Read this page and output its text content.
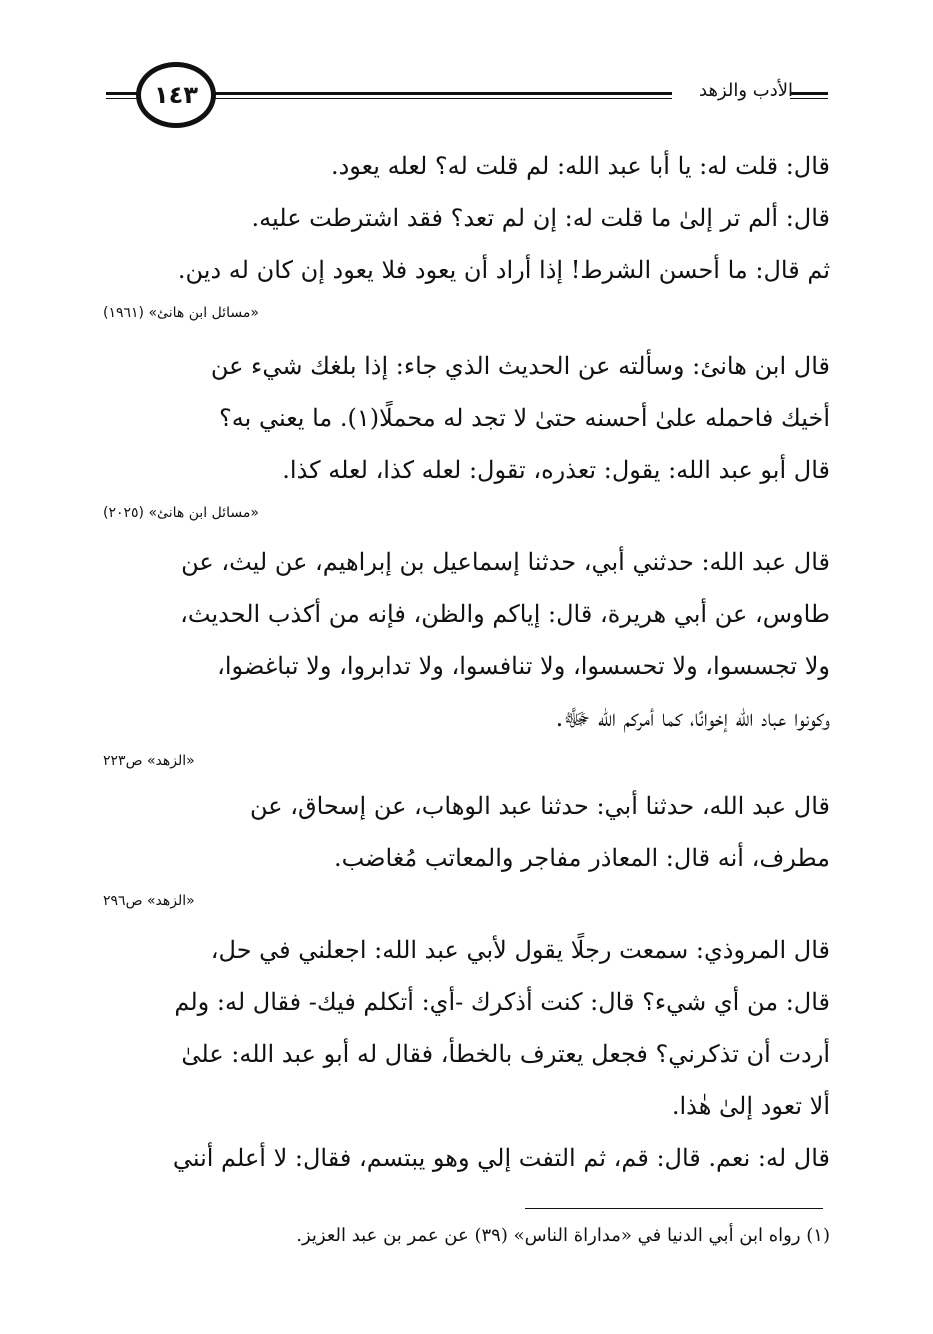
١٤٣	الأدب والزهد
قال: قلت له: يا أبا عبد الله: لم قلت له؟ لعله يعود.
قال: ألم تر إلىٰ ما قلت له: إن لم تعد؟ فقد اشترطت عليه.
ثم قال: ما أحسن الشرط! إذا أراد أن يعود فلا يعود إن كان له دين.
«مسائل ابن هانئ» (١٩٦١)
قال ابن هانئ: وسألته عن الحديث الذي جاء: إذا بلغك شيء عن
أخيك فاحمله علىٰ أحسنه حتىٰ لا تجد له محملًا(١). ما يعني به؟
قال أبو عبد الله: يقول: تعذره، تقول: لعله كذا، لعله كذا.
«مسائل ابن هانئ» (٢٠٢٥)
قال عبد الله: حدثني أبي، حدثنا إسماعيل بن إبراهيم، عن ليث، عن
طاوس، عن أبي هريرة، قال: إياكم والظن، فإنه من أكذب الحديث،
ولا تجسسوا، ولا تحسسوا، ولا تنافسوا، ولا تدابروا، ولا تباغضوا،
وكونوا عباد الله إخوانًا، كما أمركم الله ﷻ.
«الزهد» ص٢٢٣
قال عبد الله، حدثنا أبي: حدثنا عبد الوهاب، عن إسحاق، عن
مطرف، أنه قال: المعاذر مفاجر والمعاتب مُغاضب.
«الزهد» ص٢٩٦
قال المروذي: سمعت رجلًا يقول لأبي عبد الله: اجعلني في حل،
قال: من أي شيء؟ قال: كنت أذكرك -أي: أتكلم فيك- فقال له: ولم
أردت أن تذكرني؟ فجعل يعترف بالخطأ، فقال له أبو عبد الله: علىٰ
ألا تعود إلىٰ هٰذا.
قال له: نعم. قال: قم، ثم التفت إلي وهو يبتسم، فقال: لا أعلم أنني
(١) رواه ابن أبي الدنيا في «مداراة الناس» (٣٩) عن عمر بن عبد العزيز.
